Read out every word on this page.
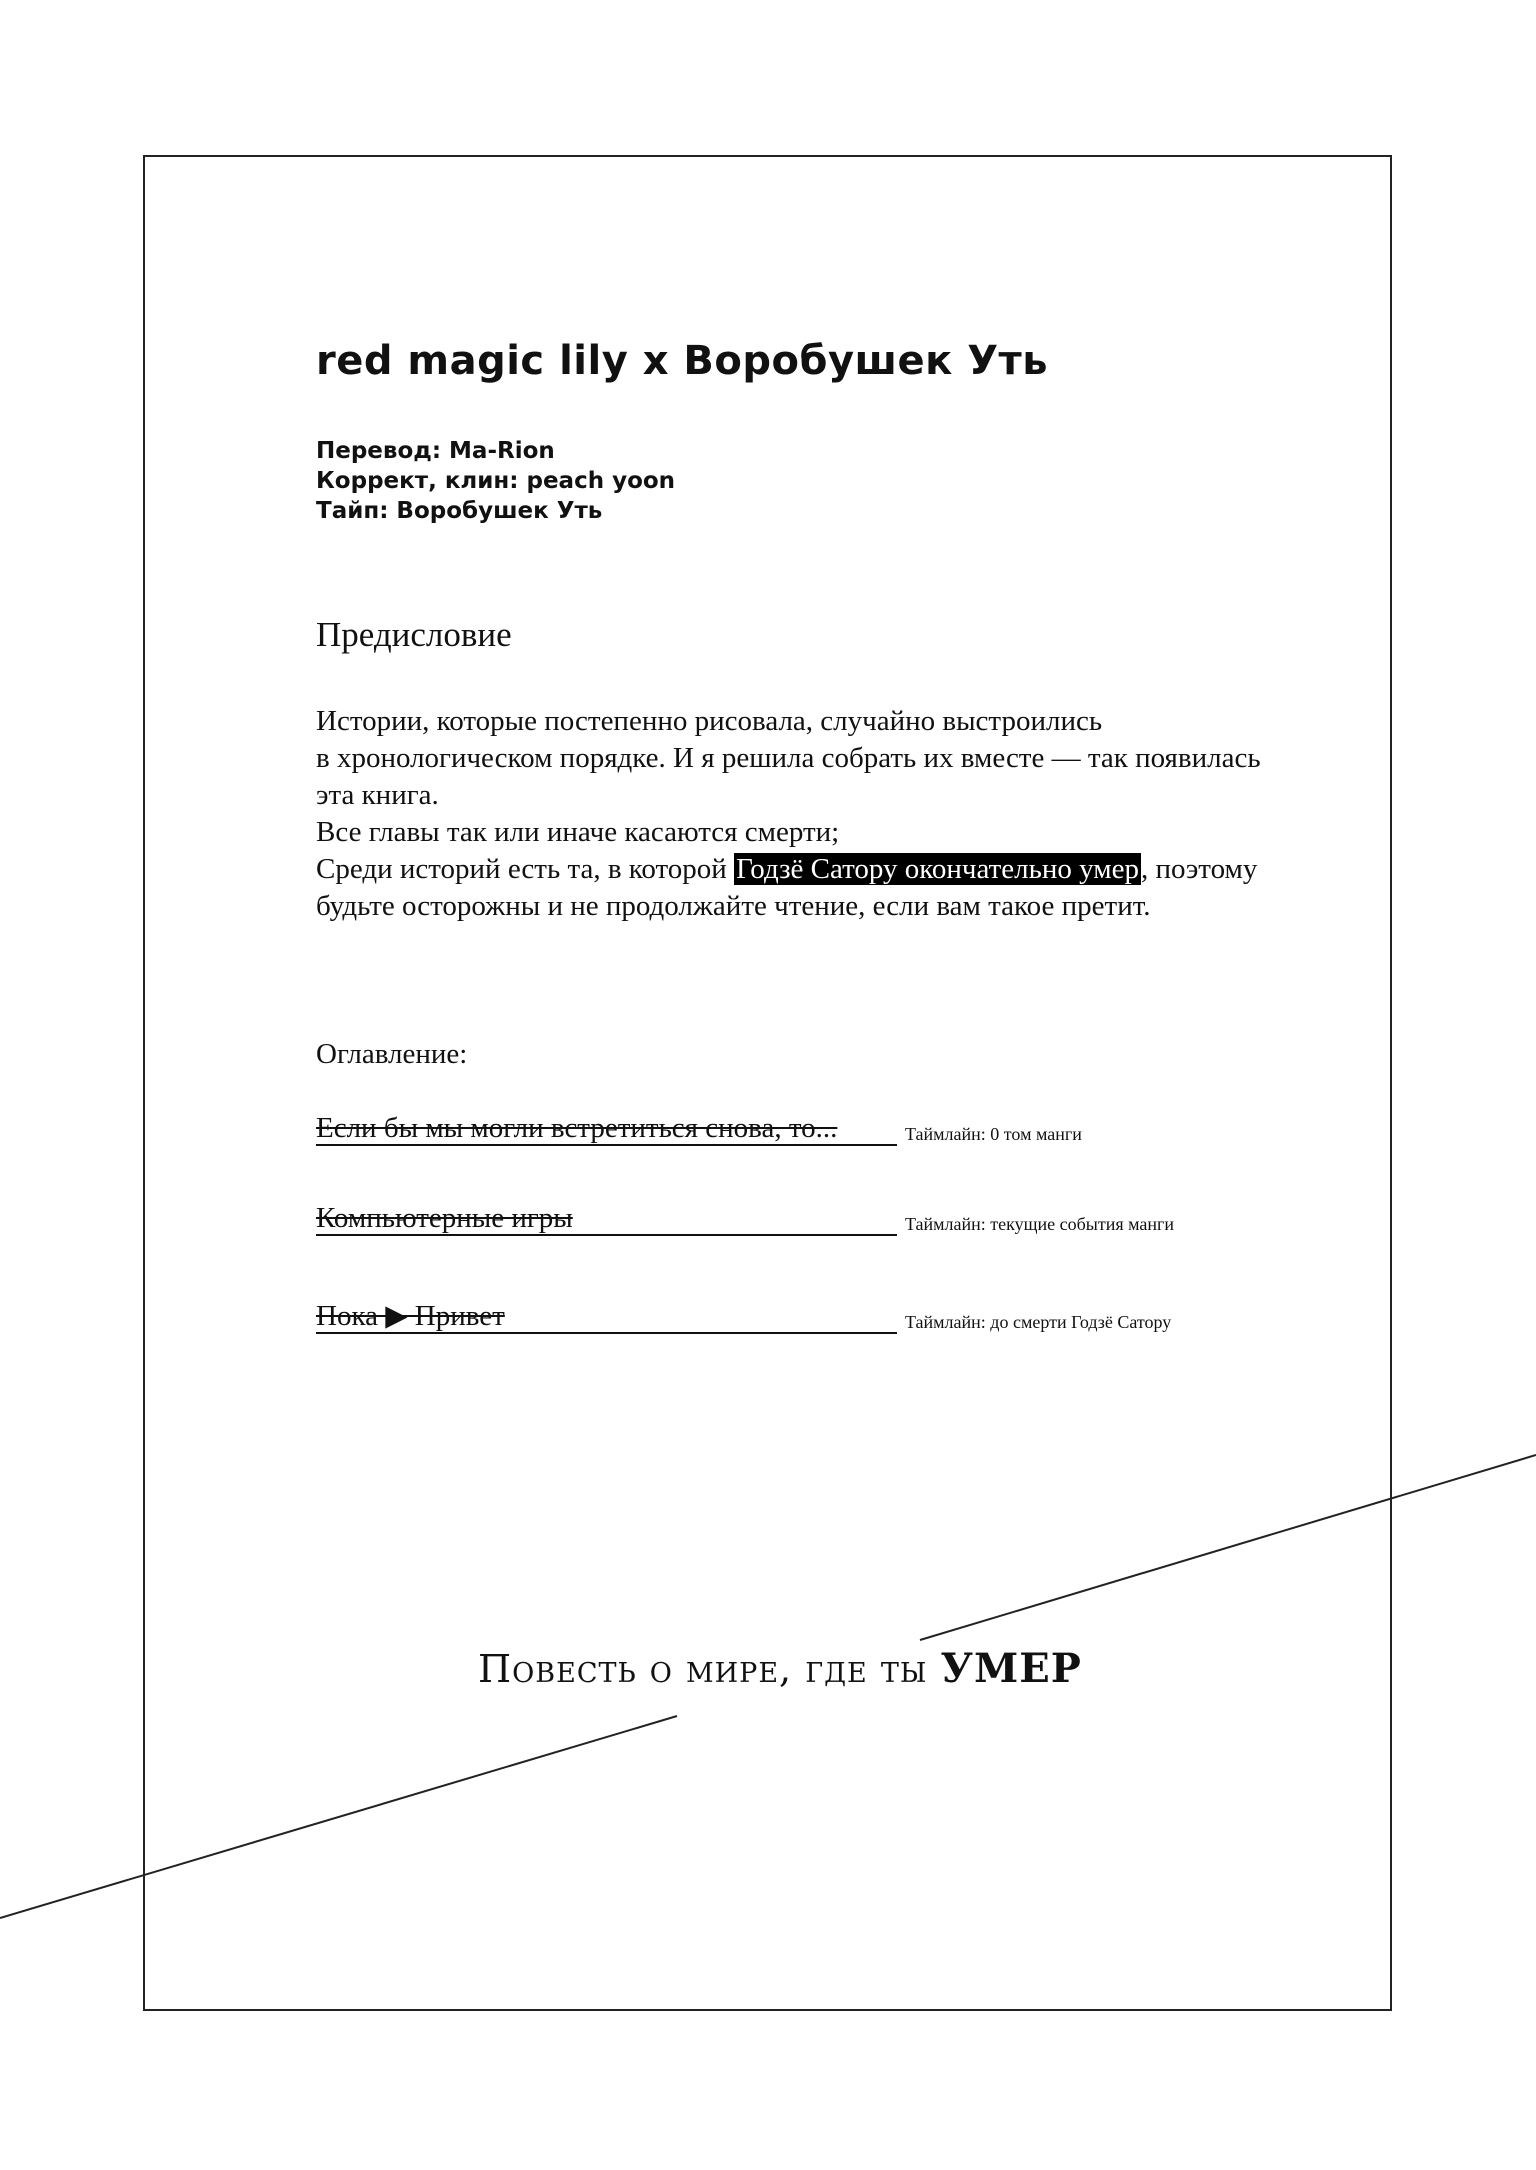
red magic lily x Воробушек Уть
Перевод: Ma-Rion
Коррект, клин: peach yoon
Тайп: Воробушек Уть
Предисловие
Истории, которые постепенно рисовала, случайно выстроились
в хронологическом порядке. И я решила собрать их вместе — так появилась
эта книга.
Все главы так или иначе касаются смерти;
Среди историй есть та, в которой Годзё Сатору окончательно умер, поэтому
будьте осторожны и не продолжайте чтение, если вам такое претит.
Оглавление:
Если бы мы могли встретиться снова, то...	Таймлайн: 0 том манги
Компьютерные игры	Таймлайн: текущие события манги
Пока ▶ Привет	Таймлайн: до смерти Годзё Сатору
Повесть о мире, где ты УМЕР
